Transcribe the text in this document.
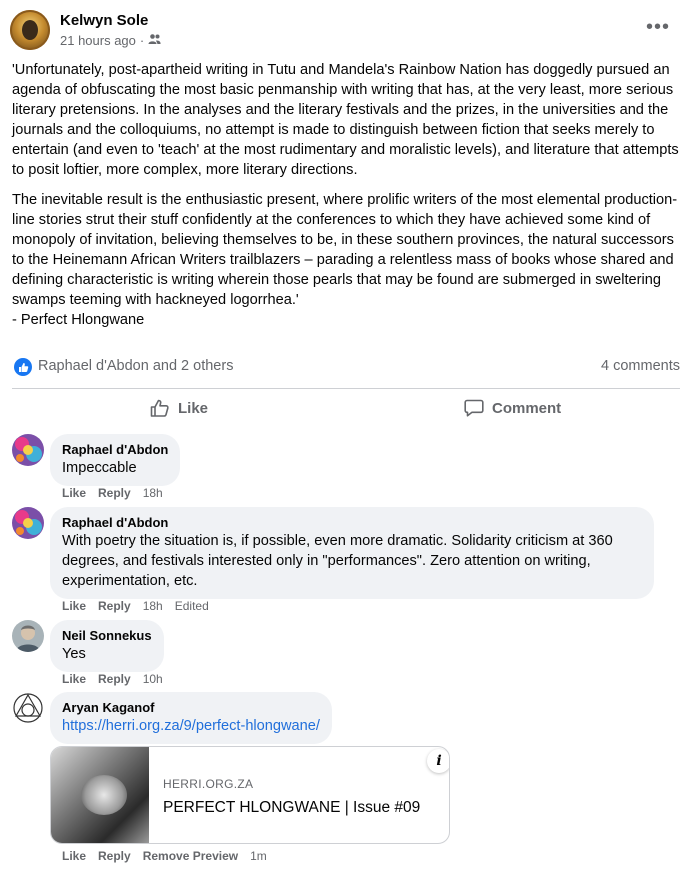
Kelwyn Sole
21 hours ago ·
•••

'Unfortunately, post-apartheid writing in Tutu and Mandela's Rainbow Nation has doggedly pursued an agenda of obfuscating the most basic penmanship with writing that has, at the very least, more serious literary pretensions. In the analyses and the literary festivals and the prizes, in the universities and the journals and the colloquiums, no attempt is made to distinguish between fiction that seeks merely to entertain (and even to 'teach' at the most rudimentary and moralistic levels), and literature that attempts to posit loftier, more complex, more literary directions.

The inevitable result is the enthusiastic present, where prolific writers of the most elemental production-line stories strut their stuff confidently at the conferences to which they have achieved some kind of monopoly of invitation, believing themselves to be, in these southern provinces, the natural successors to the Heinemann African Writers trailblazers – parading a relentless mass of books whose shared and defining characteristic is writing wherein those pearls that may be found are submerged in sweltering swamps teeming with hackneyed logorrhea.'

- Perfect Hlongwane

Raphael d'Abdon and 2 others	4 comments
Like	Comment
Raphael d'Abdon
Impeccable
Like Reply 18h
Raphael d'Abdon
With poetry the situation is, if possible, even more dramatic. Solidarity criticism at 360 degrees, and festivals interested only in "performances". Zero attention on writing, experimentation, etc.
Like Reply 18h Edited
Neil Sonnekus
Yes
Like Reply 10h
Aryan Kaganof
https://herri.org.za/9/perfect-hlongwane/
HERRI.ORG.ZA
PERFECT HLONGWANE | Issue #09
i
Like Reply Remove Preview 1m
